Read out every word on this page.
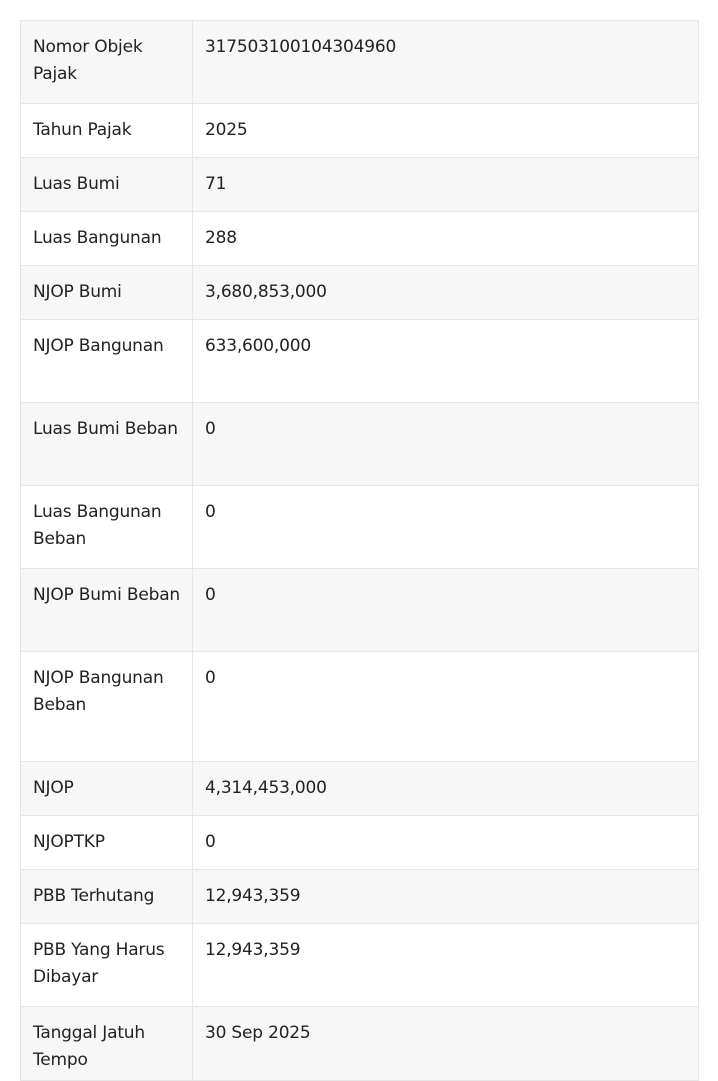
Nomor Objek Pajak	317503100104304960
Tahun Pajak	2025
Luas Bumi	71
Luas Bangunan	288
NJOP Bumi	3,680,853,000
NJOP Bangunan	633,600,000
Luas Bumi Beban	0
Luas Bangunan Beban	0
NJOP Bumi Beban	0
NJOP Bangunan Beban	0
NJOP	4,314,453,000
NJOPTKP	0
PBB Terhutang	12,943,359
PBB Yang Harus Dibayar	12,943,359
Tanggal Jatuh Tempo	30 Sep 2025
